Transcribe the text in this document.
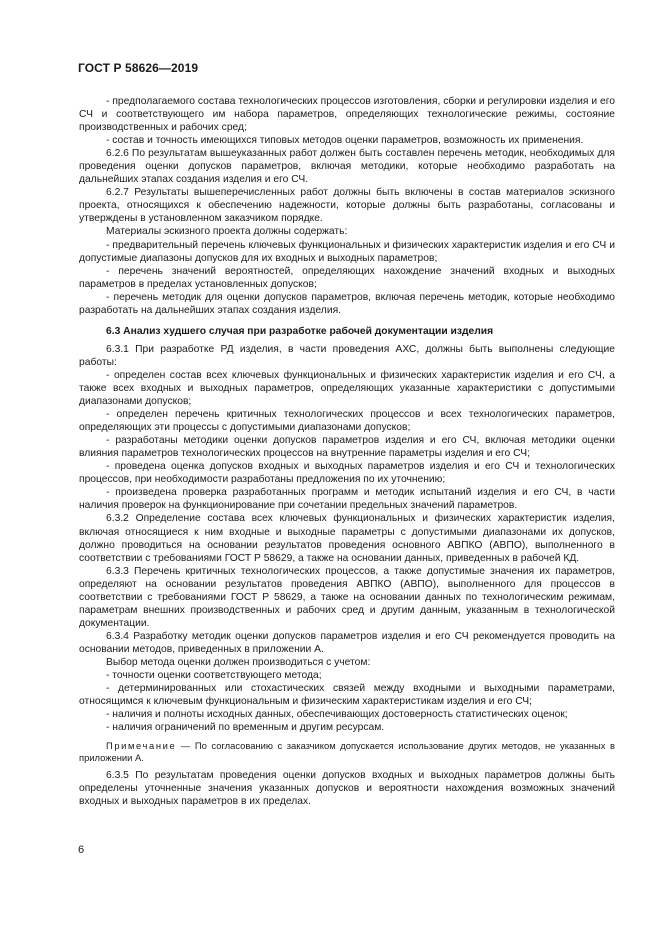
ГОСТ Р 58626—2019

- предполагаемого состава технологических процессов изготовления, сборки и регулировки изделия и его СЧ и соответствующего им набора параметров, определяющих технологические режимы, состояние производственных и рабочих сред;

- состав и точность имеющихся типовых методов оценки параметров, возможность их применения.

6.2.6 По результатам вышеуказанных работ должен быть составлен перечень методик, необходимых для проведения оценки допусков параметров, включая методики, которые необходимо разработать на дальнейших этапах создания изделия и его СЧ.

6.2.7 Результаты вышеперечисленных работ должны быть включены в состав материалов эскизного проекта, относящихся к обеспечению надежности, которые должны быть разработаны, согласованы и утверждены в установленном заказчиком порядке.

Материалы эскизного проекта должны содержать:

- предварительный перечень ключевых функциональных и физических характеристик изделия и его СЧ и допустимые диапазоны допусков для их входных и выходных параметров;

- перечень значений вероятностей, определяющих нахождение значений входных и выходных параметров в пределах установленных допусков;

- перечень методик для оценки допусков параметров, включая перечень методик, которые необходимо разработать на дальнейших этапах создания изделия.

6.3 Анализ худшего случая при разработке рабочей документации изделия

6.3.1 При разработке РД изделия, в части проведения АХС, должны быть выполнены следующие работы:

- определен состав всех ключевых функциональных и физических характеристик изделия и его СЧ, а также всех входных и выходных параметров, определяющих указанные характеристики с допустимыми диапазонами допусков;

- определен перечень критичных технологических процессов и всех технологических параметров, определяющих эти процессы с допустимыми диапазонами допусков;

- разработаны методики оценки допусков параметров изделия и его СЧ, включая методики оценки влияния параметров технологических процессов на внутренние параметры изделия и его СЧ;

- проведена оценка допусков входных и выходных параметров изделия и его СЧ и технологических процессов, при необходимости разработаны предложения по их уточнению;

- произведена проверка разработанных программ и методик испытаний изделия и его СЧ, в части наличия проверок на функционирование при сочетании предельных значений параметров.

6.3.2 Определение состава всех ключевых функциональных и физических характеристик изделия, включая относящиеся к ним входные и выходные параметры с допустимыми диапазонами их допусков, должно проводиться на основании результатов проведения основного АВПКО (АВПО), выполненного в соответствии с требованиями ГОСТ Р 58629, а также на основании данных, приведенных в рабочей КД.

6.3.3 Перечень критичных технологических процессов, а также допустимые значения их параметров, определяют на основании результатов проведения АВПКО (АВПО), выполненного для процессов в соответствии с требованиями ГОСТ Р 58629, а также на основании данных по технологическим режимам, параметрам внешних производственных и рабочих сред и другим данным, указанным в технологической документации.

6.3.4 Разработку методик оценки допусков параметров изделия и его СЧ рекомендуется проводить на основании методов, приведенных в приложении А.

Выбор метода оценки должен производиться с учетом:

- точности оценки соответствующего метода;

- детерминированных или стохастических связей между входными и выходными параметрами, относящимся к ключевым функциональным и физическим характеристикам изделия и его СЧ;

- наличия и полноты исходных данных, обеспечивающих достоверность статистических оценок;

- наличия ограничений по временным и другим ресурсам.

Примечание — По согласованию с заказчиком допускается использование других методов, не указанных в приложении А.

6.3.5 По результатам проведения оценки допусков входных и выходных параметров должны быть определены уточненные значения указанных допусков и вероятности нахождения возможных значений входных и выходных параметров в их пределах.

6
